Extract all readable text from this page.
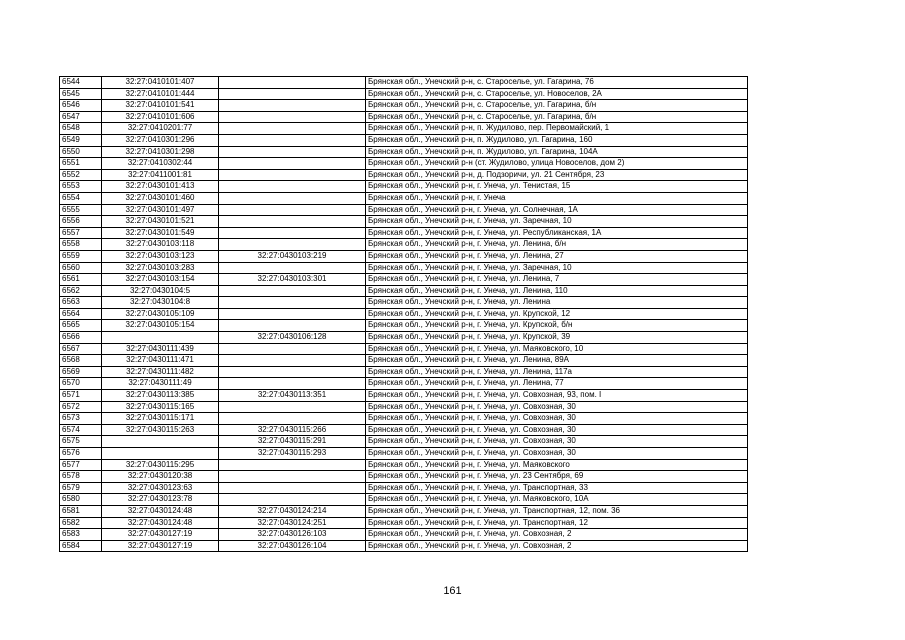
6544	32:27:0410101:407		Брянская обл., Унечский р-н, с. Староселье, ул. Гагарина, 76
6545	32:27:0410101:444		Брянская обл., Унечский р-н, с. Староселье, ул. Новоселов, 2А
6546	32:27:0410101:541		Брянская обл., Унечский р-н, с. Староселье, ул. Гагарина, б/н
6547	32:27:0410101:606		Брянская обл., Унечский р-н, с. Староселье, ул. Гагарина, б/н
6548	32:27:0410201:77		Брянская обл., Унечский р-н, п. Жудилово, пер. Первомайский, 1
6549	32:27:0410301:296		Брянская обл., Унечский р-н, п. Жудилово, ул. Гагарина, 160
6550	32:27:0410301:298		Брянская обл., Унечский р-н, п. Жудилово, ул. Гагарина, 104А
6551	32:27:0410302:44		Брянская обл., Унечский р-н (ст. Жудилово, улица Новоселов, дом 2)
6552	32:27:0411001:81		Брянская обл., Унечский р-н, д. Подзоричи, ул. 21 Сентября, 23
6553	32:27:0430101:413		Брянская обл., Унечский р-н, г. Унеча, ул. Тенистая, 15
6554	32:27:0430101:460		Брянская обл., Унечский р-н, г. Унеча
6555	32:27:0430101:497		Брянская обл., Унечский р-н, г. Унеча, ул. Солнечная, 1А
6556	32:27:0430101:521		Брянская обл., Унечский р-н, г. Унеча, ул. Заречная, 10
6557	32:27:0430101:549		Брянская обл., Унечский р-н, г. Унеча, ул. Республиканская, 1А
6558	32:27:0430103:118		Брянская обл., Унечский р-н, г. Унеча, ул. Ленина, б/н
6559	32:27:0430103:123	32:27:0430103:219	Брянская обл., Унечский р-н, г. Унеча, ул. Ленина, 27
6560	32:27:0430103:283		Брянская обл., Унечский р-н, г. Унеча, ул. Заречная, 10
6561	32:27:0430103:154	32:27:0430103:301	Брянская обл., Унечский р-н, г. Унеча, ул. Ленина, 7
6562	32:27:0430104:5		Брянская обл., Унечский р-н, г. Унеча, ул. Ленина, 110
6563	32:27:0430104:8		Брянская обл., Унечский р-н, г. Унеча, ул. Ленина
6564	32:27:0430105:109		Брянская обл., Унечский р-н, г. Унеча, ул. Крупской, 12
6565	32:27:0430105:154		Брянская обл., Унечский р-н, г. Унеча, ул. Крупской, б/н
6566		32:27:0430106:128	Брянская обл., Унечский р-н, г. Унеча, ул. Крупской, 39
6567	32:27:0430111:439		Брянская обл., Унечский р-н, г. Унеча, ул. Маяковского, 10
6568	32:27:0430111:471		Брянская обл., Унечский р-н, г. Унеча, ул. Ленина, 89А
6569	32:27:0430111:482		Брянская обл., Унечский р-н, г. Унеча, ул. Ленина, 117а
6570	32:27:0430111:49		Брянская обл., Унечский р-н, г. Унеча, ул. Ленина, 77
6571	32:27:0430113:385	32:27:0430113:351	Брянская обл., Унечский р-н, г. Унеча, ул. Совхозная, 93, пом. I
6572	32:27:0430115:165		Брянская обл., Унечский р-н, г. Унеча, ул. Совхозная, 30
6573	32:27:0430115:171		Брянская обл., Унечский р-н, г. Унеча, ул. Совхозная, 30
6574	32:27:0430115:263	32:27:0430115:266	Брянская обл., Унечский р-н, г. Унеча, ул. Совхозная, 30
6575		32:27:0430115:291	Брянская обл., Унечский р-н, г. Унеча, ул. Совхозная, 30
6576		32:27:0430115:293	Брянская обл., Унечский р-н, г. Унеча, ул. Совхозная, 30
6577	32:27:0430115:295		Брянская обл., Унечский р-н, г. Унеча, ул. Маяковского
6578	32:27:0430120:38		Брянская обл., Унечский р-н, г. Унеча, ул. 23 Сентября, 69
6579	32:27:0430123:63		Брянская обл., Унечский р-н, г. Унеча, ул. Транспортная, 33
6580	32:27:0430123:78		Брянская обл., Унечский р-н, г. Унеча, ул. Маяковского, 10А
6581	32:27:0430124:48	32:27:0430124:214	Брянская обл., Унечский р-н, г. Унеча, ул. Транспортная, 12, пом. 36
6582	32:27:0430124:48	32:27:0430124:251	Брянская обл., Унечский р-н, г. Унеча, ул. Транспортная, 12
6583	32:27:0430127:19	32:27:0430126:103	Брянская обл., Унечский р-н, г. Унеча, ул. Совхозная, 2
6584	32:27:0430127:19	32:27:0430126:104	Брянская обл., Унечский р-н, г. Унеча, ул. Совхозная, 2
161
